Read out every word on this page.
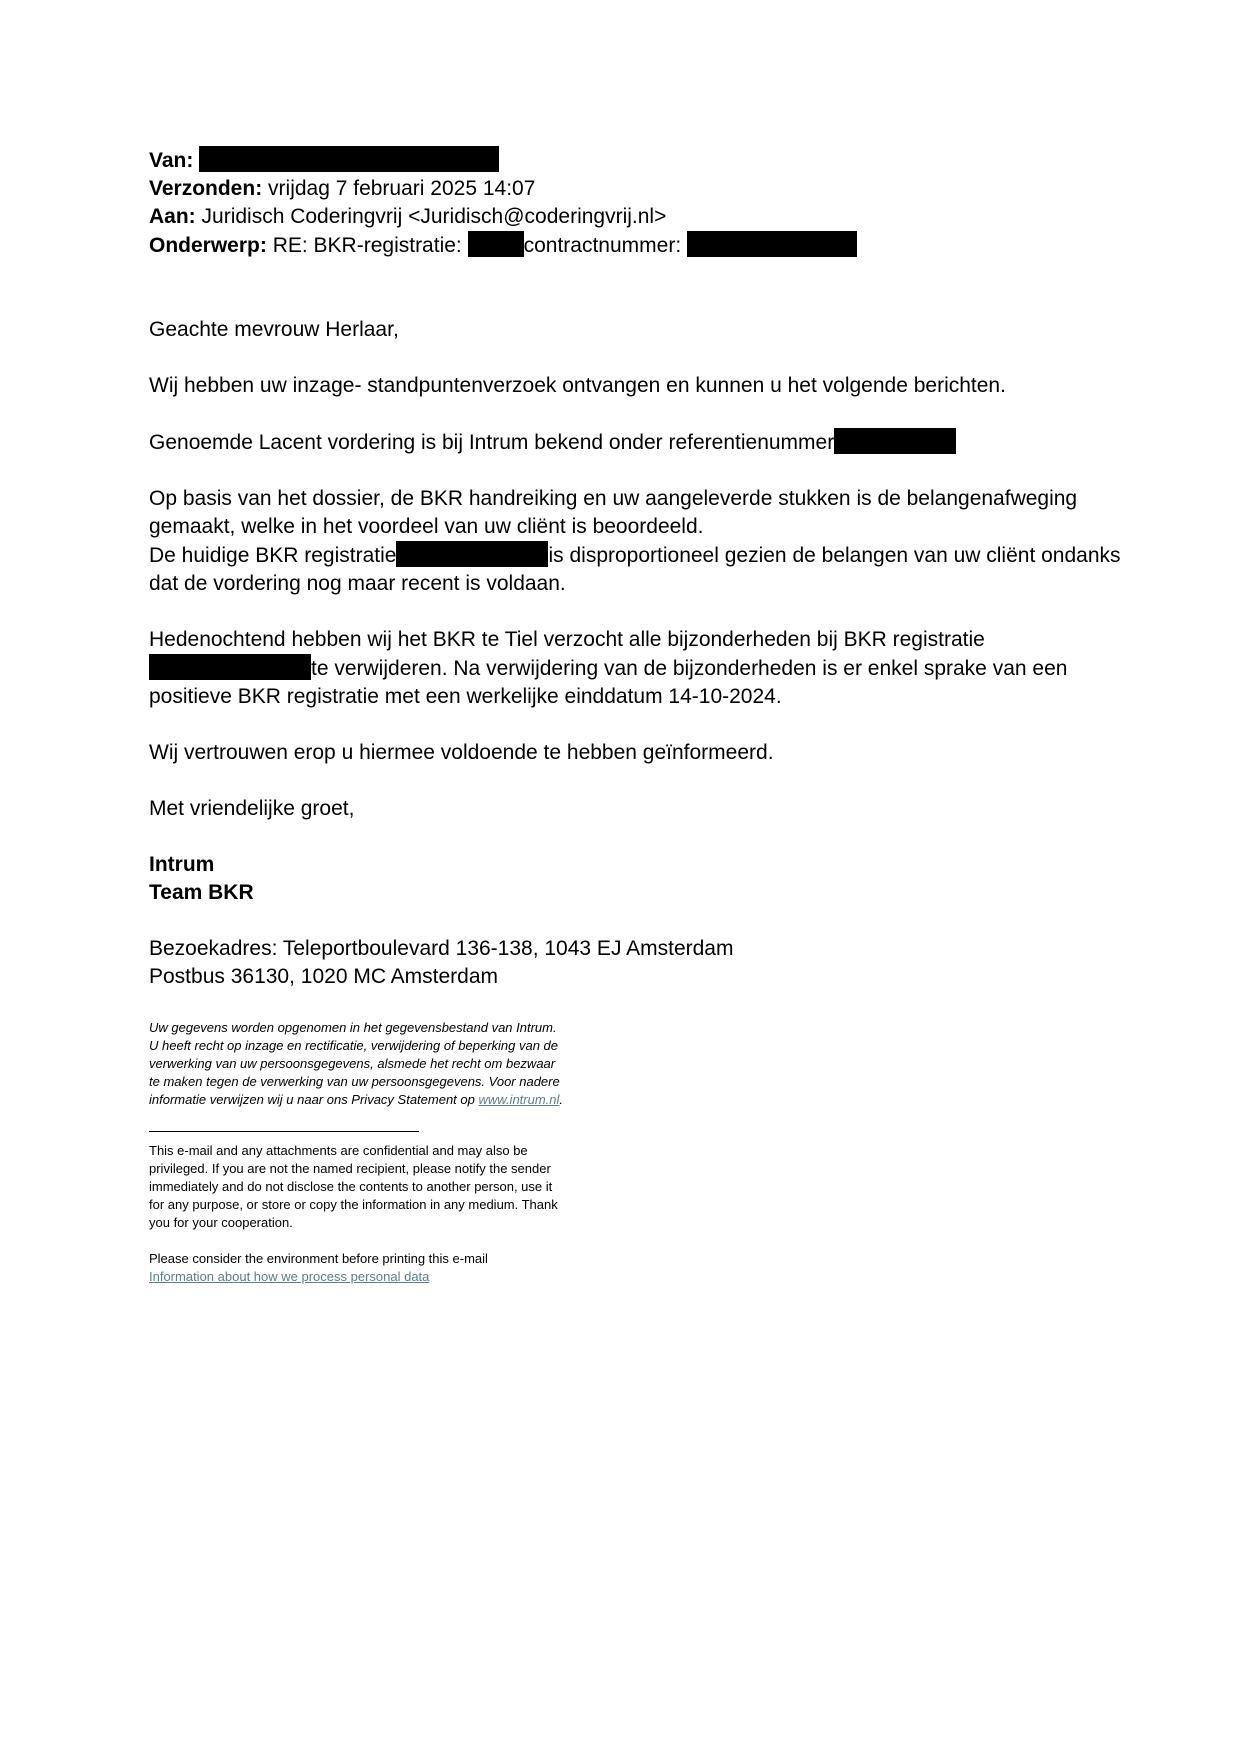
Van:
Verzonden: vrijdag 7 februari 2025 14:07
Aan: Juridisch Coderingvrij <Juridisch@coderingvrij.nl>
Onderwerp: RE: BKR-registratie:	contractnummer:

Geachte mevrouw Herlaar,

Wij hebben uw inzage- standpuntenverzoek ontvangen en kunnen u het volgende berichten.

Genoemde Lacent vordering is bij Intrum bekend onder referentienummer

Op basis van het dossier, de BKR handreiking en uw aangeleverde stukken is de belangenafweging gemaakt, welke in het voordeel van uw cliënt is beoordeeld.
De huidige BKR registratie	is disproportioneel gezien de belangen van uw cliënt ondanks dat de vordering nog maar recent is voldaan.

Hedenochtend hebben wij het BKR te Tiel verzocht alle bijzonderheden bij BKR registratie
te verwijderen. Na verwijdering van de bijzonderheden is er enkel sprake van een positieve BKR registratie met een werkelijke einddatum 14-10-2024.

Wij vertrouwen erop u hiermee voldoende te hebben geïnformeerd.

Met vriendelijke groet,

Intrum
Team BKR
Bezoekadres: Teleportboulevard 136-138, 1043 EJ Amsterdam
Postbus 36130, 1020 MC Amsterdam
Uw gegevens worden opgenomen in het gegevensbestand van Intrum. U heeft recht op inzage en rectificatie, verwijdering of beperking van de verwerking van uw persoonsgegevens, alsmede het recht om bezwaar te maken tegen de verwerking van uw persoonsgegevens. Voor nadere informatie verwijzen wij u naar ons Privacy Statement op www.intrum.nl.
This e-mail and any attachments are confidential and may also be privileged. If you are not the named recipient, please notify the sender immediately and do not disclose the contents to another person, use it for any purpose, or store or copy the information in any medium. Thank you for your cooperation.
Please consider the environment before printing this e-mail
Information about how we process personal data
